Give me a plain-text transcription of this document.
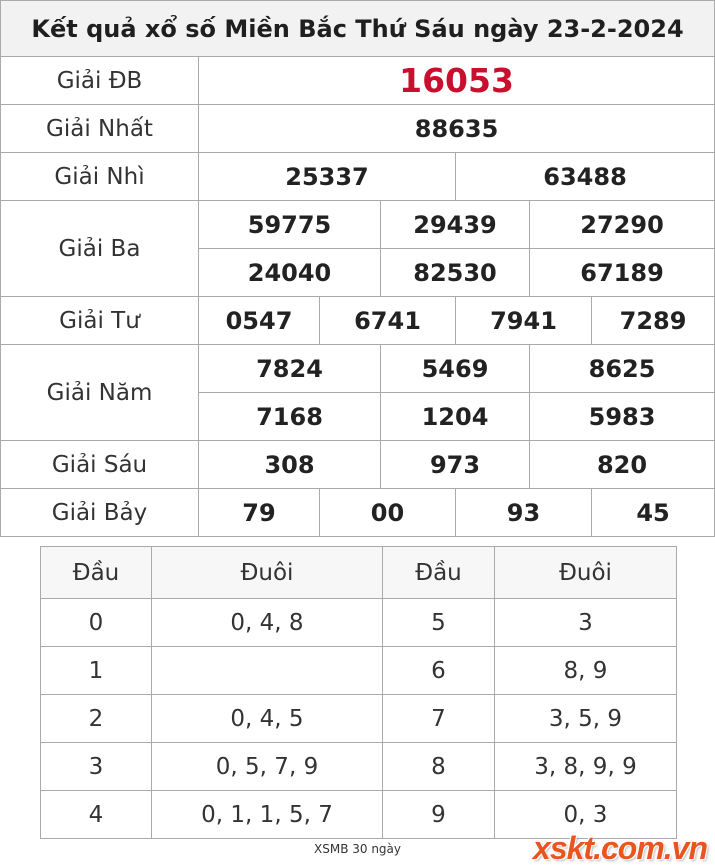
Kết quả xổ số Miền Bắc Thứ Sáu ngày 23-2-2024						
Giải ĐB	16053					
Giải Nhất	88635					
Giải Nhì	25337			63488		
Giải Ba	59775		29439		27290	
	24040		82530		67189	
Giải Tư	0547	6741		7941		7289
Giải Năm	7824		5469		8625	
	7168		1204		5983	
Giải Sáu	308		973		820	
Giải Bảy	79	00		93		45
Đầu	Đuôi	Đầu	Đuôi
0	0, 4, 8	5	3
1		6	8, 9
2	0, 4, 5	7	3, 5, 9
3	0, 5, 7, 9	8	3, 8, 9, 9
4	0, 1, 1, 5, 7	9	0, 3
XSMB 30 ngày	xskt.com.vn
